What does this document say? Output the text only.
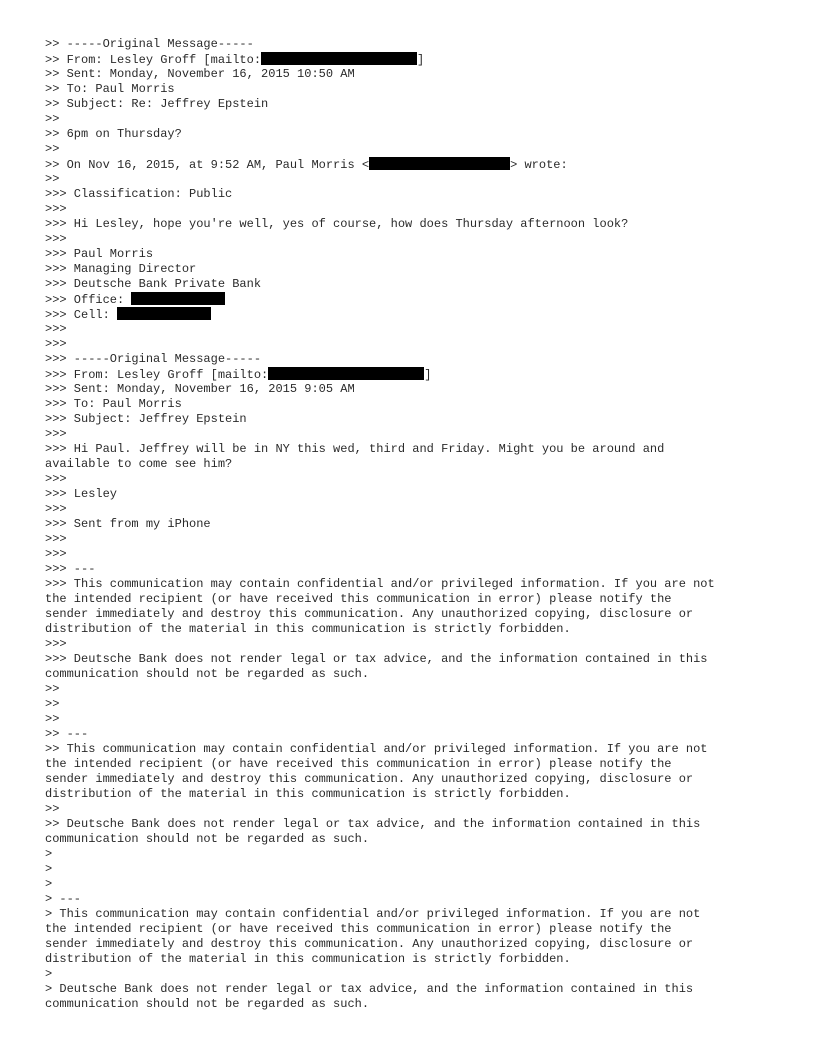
>> -----Original Message-----
>> From: Lesley Groff [mailto:	]
>> Sent: Monday, November 16, 2015 10:50 AM
>> To: Paul Morris
>> Subject: Re: Jeffrey Epstein
>>
>> 6pm on Thursday?
>>
>> On Nov 16, 2015, at 9:52 AM, Paul Morris <	> wrote:
>>
>>> Classification: Public
>>>
>>> Hi Lesley, hope you're well, yes of course, how does Thursday afternoon look?
>>>
>>> Paul Morris
>>> Managing Director
>>> Deutsche Bank Private Bank
>>> Office:
>>> Cell:
>>>
>>>
>>> -----Original Message-----
>>> From: Lesley Groff [mailto:	]
>>> Sent: Monday, November 16, 2015 9:05 AM
>>> To: Paul Morris
>>> Subject: Jeffrey Epstein
>>>
>>> Hi Paul. Jeffrey will be in NY this wed, third and Friday. Might you be around and
available to come see him?
>>>
>>> Lesley
>>>
>>> Sent from my iPhone
>>>
>>>
>>> ---
>>> This communication may contain confidential and/or privileged information. If you are not
the intended recipient (or have received this communication in error) please notify the
sender immediately and destroy this communication. Any unauthorized copying, disclosure or
distribution of the material in this communication is strictly forbidden.
>>>
>>> Deutsche Bank does not render legal or tax advice, and the information contained in this
communication should not be regarded as such.
>>
>>
>>
>> ---
>> This communication may contain confidential and/or privileged information. If you are not
the intended recipient (or have received this communication in error) please notify the
sender immediately and destroy this communication. Any unauthorized copying, disclosure or
distribution of the material in this communication is strictly forbidden.
>>
>> Deutsche Bank does not render legal or tax advice, and the information contained in this
communication should not be regarded as such.
>
>
>
> ---
> This communication may contain confidential and/or privileged information. If you are not
the intended recipient (or have received this communication in error) please notify the
sender immediately and destroy this communication. Any unauthorized copying, disclosure or
distribution of the material in this communication is strictly forbidden.
>
> Deutsche Bank does not render legal or tax advice, and the information contained in this
communication should not be regarded as such.
